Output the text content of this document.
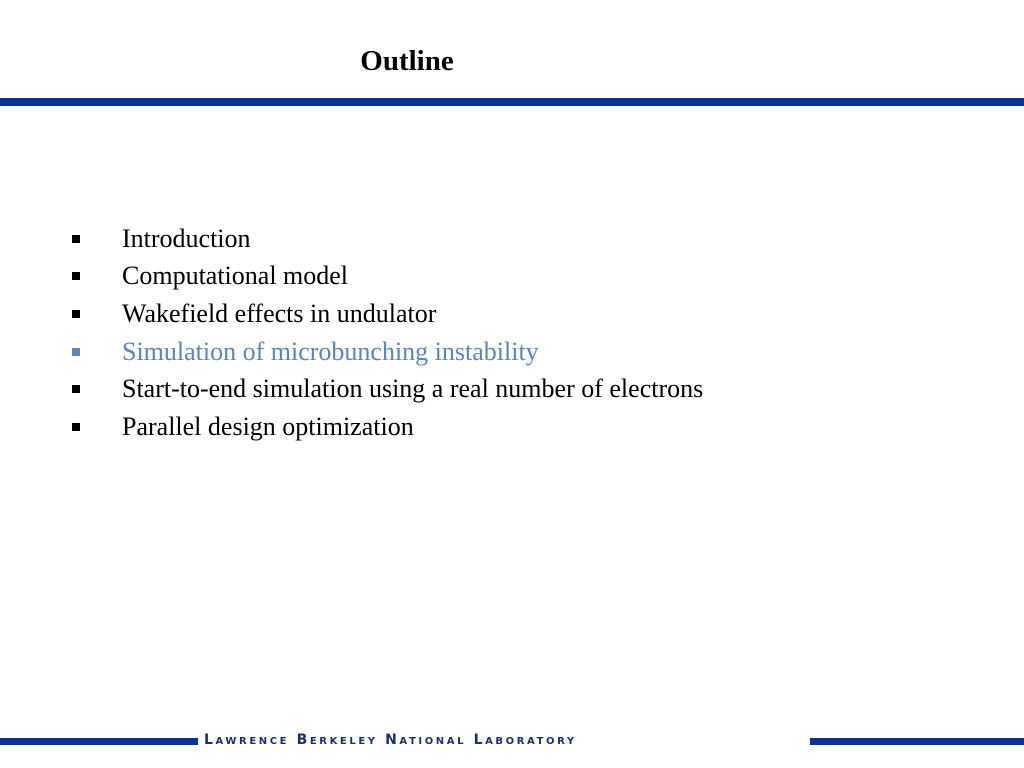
Outline
Introduction
Computational model
Wakefield effects in undulator
Simulation of microbunching instability
Start-to-end simulation using a real number of electrons
Parallel design optimization
Lawrence Berkeley National Laboratory
